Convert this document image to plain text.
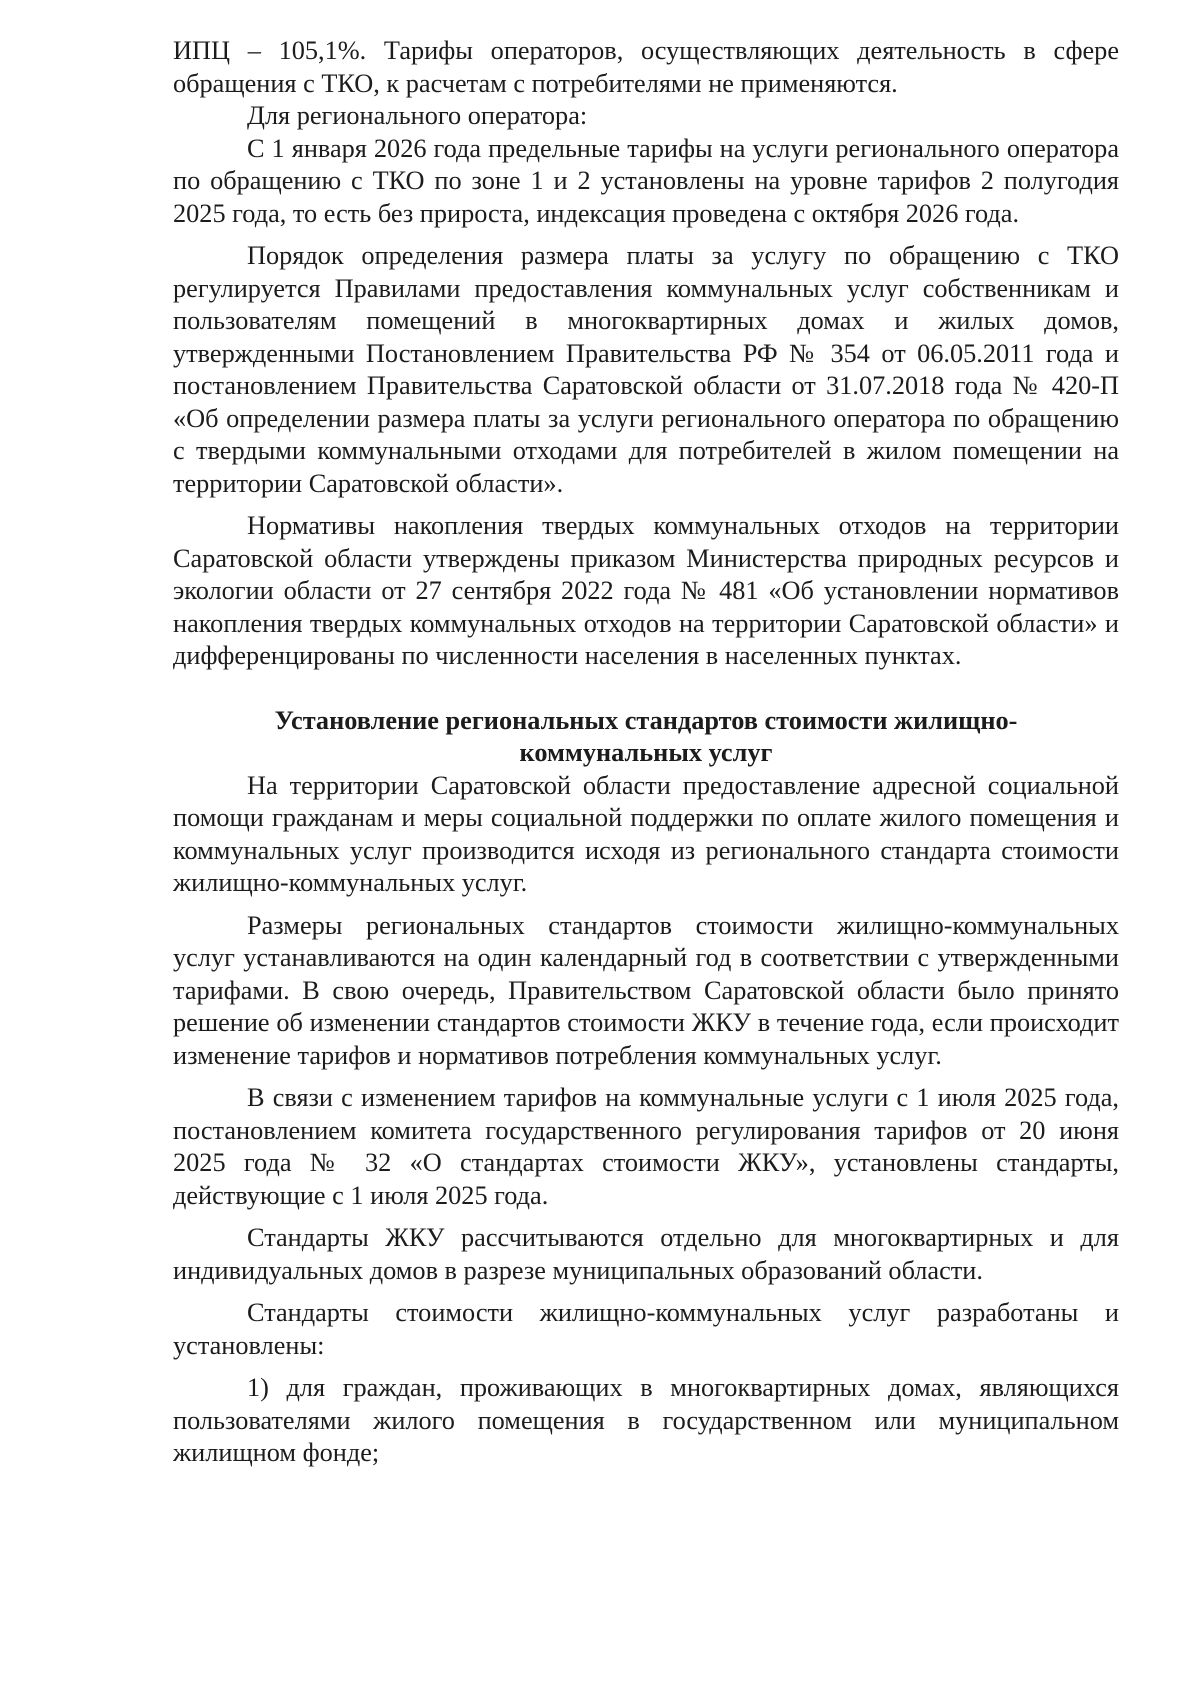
ИПЦ – 105,1%. Тарифы операторов, осуществляющих деятельность в сфере обращения с ТКО, к расчетам с потребителями не применяются.

Для регионального оператора:

С 1 января 2026 года предельные тарифы на услуги регионального оператора по обращению с ТКО по зоне 1 и 2 установлены на уровне тарифов 2 полугодия 2025 года, то есть без прироста, индексация проведена с октября 2026 года.

Порядок определения размера платы за услугу по обращению с ТКО регулируется Правилами предоставления коммунальных услуг собственникам и пользователям помещений в многоквартирных домах и жилых домов, утвержденными Постановлением Правительства РФ № 354 от 06.05.2011 года и постановлением Правительства Саратовской области от 31.07.2018 года № 420-П «Об определении размера платы за услуги регионального оператора по обращению с твердыми коммунальными отходами для потребителей в жилом помещении на территории Саратовской области».

Нормативы накопления твердых коммунальных отходов на территории Саратовской области утверждены приказом Министерства природных ресурсов и экологии области от 27 сентября 2022 года № 481 «Об установлении нормативов накопления твердых коммунальных отходов на территории Саратовской области» и дифференцированы по численности населения в населенных пунктах.

Установление региональных стандартов стоимости жилищно-

коммунальных услуг

На территории Саратовской области предоставление адресной социальной помощи гражданам и меры социальной поддержки по оплате жилого помещения и коммунальных услуг производится исходя из регионального стандарта стоимости жилищно-коммунальных услуг.

Размеры региональных стандартов стоимости жилищно-коммунальных услуг устанавливаются на один календарный год в соответствии с утвержденными тарифами. В свою очередь, Правительством Саратовской области было принято решение об изменении стандартов стоимости ЖКУ в течение года, если происходит изменение тарифов и нормативов потребления коммунальных услуг.

В связи с изменением тарифов на коммунальные услуги с 1 июля 2025 года, постановлением комитета государственного регулирования тарифов от 20 июня 2025 года № 32 «О стандартах стоимости ЖКУ», установлены стандарты, действующие с 1 июля 2025 года.

Стандарты ЖКУ рассчитываются отдельно для многоквартирных и для индивидуальных домов в разрезе муниципальных образований области.

Стандарты стоимости жилищно-коммунальных услуг разработаны и установлены:

1) для граждан, проживающих в многоквартирных домах, являющихся пользователями жилого помещения в государственном или муниципальном жилищном фонде;
